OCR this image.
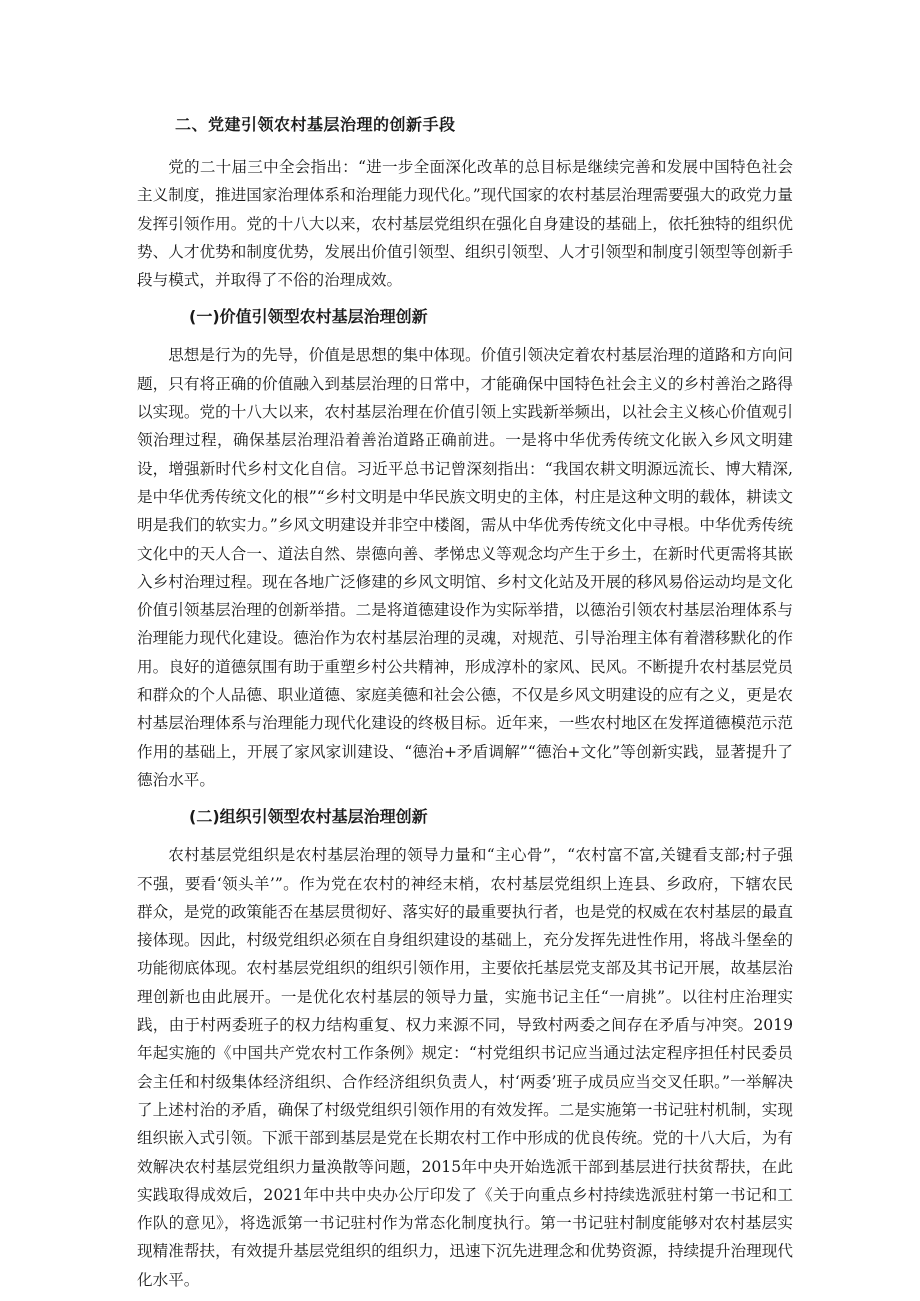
二、党建引领农村基层治理的创新手段

党的二十届三中全会指出：“进一步全面深化改革的总目标是继续完善和发展中国特色社会主义制度，推进国家治理体系和治理能力现代化。”现代国家的农村基层治理需要强大的政党力量发挥引领作用。党的十八大以来，农村基层党组织在强化自身建设的基础上，依托独特的组织优势、人才优势和制度优势，发展出价值引领型、组织引领型、人才引领型和制度引领型等创新手段与模式，并取得了不俗的治理成效。

(一)价值引领型农村基层治理创新

思想是行为的先导，价值是思想的集中体现。价值引领决定着农村基层治理的道路和方向问题，只有将正确的价值融入到基层治理的日常中，才能确保中国特色社会主义的乡村善治之路得以实现。党的十八大以来，农村基层治理在价值引领上实践新举频出，以社会主义核心价值观引领治理过程，确保基层治理沿着善治道路正确前进。一是将中华优秀传统文化嵌入乡风文明建设，增强新时代乡村文化自信。习近平总书记曾深刻指出：“我国农耕文明源远流长、博大精深,是中华优秀传统文化的根”“乡村文明是中华民族文明史的主体，村庄是这种文明的载体，耕读文明是我们的软实力。”乡风文明建设并非空中楼阁，需从中华优秀传统文化中寻根。中华优秀传统文化中的天人合一、道法自然、崇德向善、孝悌忠义等观念均产生于乡土，在新时代更需将其嵌入乡村治理过程。现在各地广泛修建的乡风文明馆、乡村文化站及开展的移风易俗运动均是文化价值引领基层治理的创新举措。二是将道德建设作为实际举措，以德治引领农村基层治理体系与治理能力现代化建设。德治作为农村基层治理的灵魂，对规范、引导治理主体有着潜移默化的作用。良好的道德氛围有助于重塑乡村公共精神，形成淳朴的家风、民风。不断提升农村基层党员和群众的个人品德、职业道德、家庭美德和社会公德，不仅是乡风文明建设的应有之义，更是农村基层治理体系与治理能力现代化建设的终极目标。近年来，一些农村地区在发挥道德模范示范作用的基础上，开展了家风家训建设、“德治+矛盾调解”“德治+文化”等创新实践，显著提升了德治水平。

(二)组织引领型农村基层治理创新

农村基层党组织是农村基层治理的领导力量和“主心骨”，“农村富不富,关键看支部;村子强不强，要看‘领头羊’”。作为党在农村的神经末梢，农村基层党组织上连县、乡政府，下辖农民群众，是党的政策能否在基层贯彻好、落实好的最重要执行者，也是党的权威在农村基层的最直接体现。因此，村级党组织必须在自身组织建设的基础上，充分发挥先进性作用，将战斗堡垒的功能彻底体现。农村基层党组织的组织引领作用，主要依托基层党支部及其书记开展，故基层治理创新也由此展开。一是优化农村基层的领导力量，实施书记主任“一肩挑”。以往村庄治理实践，由于村两委班子的权力结构重复、权力来源不同，导致村两委之间存在矛盾与冲突。2019年起实施的《中国共产党农村工作条例》规定：“村党组织书记应当通过法定程序担任村民委员会主任和村级集体经济组织、合作经济组织负责人，村‘两委’班子成员应当交叉任职。”一举解决了上述村治的矛盾，确保了村级党组织引领作用的有效发挥。二是实施第一书记驻村机制，实现组织嵌入式引领。下派干部到基层是党在长期农村工作中形成的优良传统。党的十八大后，为有效解决农村基层党组织力量涣散等问题，2015年中央开始选派干部到基层进行扶贫帮扶，在此实践取得成效后，2021年中共中央办公厅印发了《关于向重点乡村持续选派驻村第一书记和工作队的意见》，将选派第一书记驻村作为常态化制度执行。第一书记驻村制度能够对农村基层实现精准帮扶，有效提升基层党组织的组织力，迅速下沉先进理念和优势资源，持续提升治理现代化水平。
